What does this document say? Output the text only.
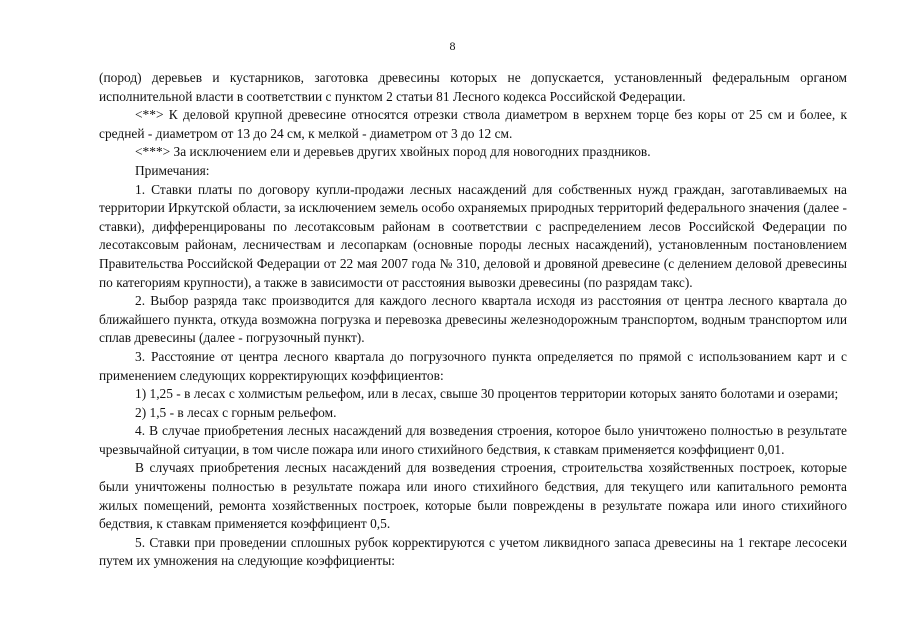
8

(пород) деревьев и кустарников, заготовка древесины которых не допускается, установленный федеральным органом исполнительной власти в соответствии с пунктом 2 статьи 81 Лесного кодекса Российской Федерации.

<**> К деловой крупной древесине относятся отрезки ствола диаметром в верхнем торце без коры от 25 см и более, к средней - диаметром от 13 до 24 см, к мелкой - диаметром от 3 до 12 см.

<***> За исключением ели и деревьев других хвойных пород для новогодних праздников.

Примечания:

1. Ставки платы по договору купли-продажи лесных насаждений для собственных нужд граждан, заготавливаемых на территории Иркутской области, за исключением земель особо охраняемых природных территорий федерального значения (далее - ставки), дифференцированы по лесотаксовым районам в соответствии с распределением лесов Российской Федерации по лесотаксовым районам, лесничествам и лесопаркам (основные породы лесных насаждений), установленным постановлением Правительства Российской Федерации от 22 мая 2007 года № 310, деловой и дровяной древесине (с делением деловой древесины по категориям крупности), а также в зависимости от расстояния вывозки древесины (по разрядам такс).

2. Выбор разряда такс производится для каждого лесного квартала исходя из расстояния от центра лесного квартала до ближайшего пункта, откуда возможна погрузка и перевозка древесины железнодорожным транспортом, водным транспортом или сплав древесины (далее - погрузочный пункт).

3. Расстояние от центра лесного квартала до погрузочного пункта определяется по прямой с использованием карт и с применением следующих корректирующих коэффициентов:

1) 1,25 - в лесах с холмистым рельефом, или в лесах, свыше 30 процентов территории которых занято болотами и озерами;

2) 1,5 - в лесах с горным рельефом.

4. В случае приобретения лесных насаждений для возведения строения, которое было уничтожено полностью в результате чрезвычайной ситуации, в том числе пожара или иного стихийного бедствия, к ставкам применяется коэффициент 0,01.

В случаях приобретения лесных насаждений для возведения строения, строительства хозяйственных построек, которые были уничтожены полностью в результате пожара или иного стихийного бедствия, для текущего или капитального ремонта жилых помещений, ремонта хозяйственных построек, которые были повреждены в результате пожара или иного стихийного бедствия, к ставкам применяется коэффициент 0,5.

5. Ставки при проведении сплошных рубок корректируются с учетом ликвидного запаса древесины на 1 гектаре лесосеки путем их умножения на следующие коэффициенты:
